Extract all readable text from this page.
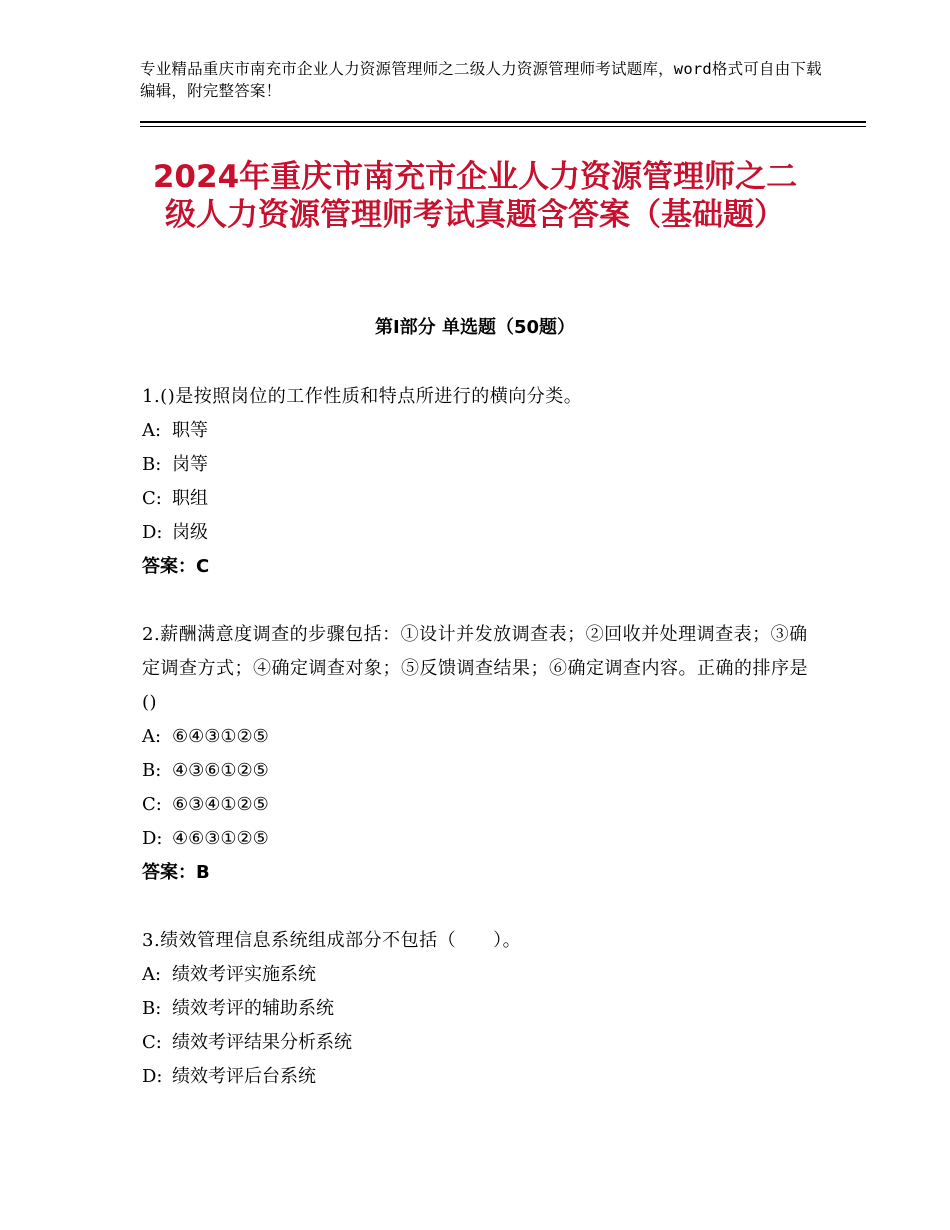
专业精品重庆市南充市企业人力资源管理师之二级人力资源管理师考试题库，word格式可自由下载编辑，附完整答案！
2024年重庆市南充市企业人力资源管理师之二级人力资源管理师考试真题含答案（基础题）
第Ⅰ部分 单选题（50题）
1.()是按照岗位的工作性质和特点所进行的横向分类。
A: 职等
B: 岗等
C: 职组
D: 岗级
答案：C
2.薪酬满意度调查的步骤包括：①设计并发放调查表；②回收并处理调查表；③确定调查方式；④确定调查对象；⑤反馈调查结果；⑥确定调查内容。正确的排序是()
A: ⑥④③①②⑤
B: ④③⑥①②⑤
C: ⑥③④①②⑤
D: ④⑥③①②⑤
答案：B
3.绩效管理信息系统组成部分不包括（　　）。
A: 绩效考评实施系统
B: 绩效考评的辅助系统
C: 绩效考评结果分析系统
D: 绩效考评后台系统
